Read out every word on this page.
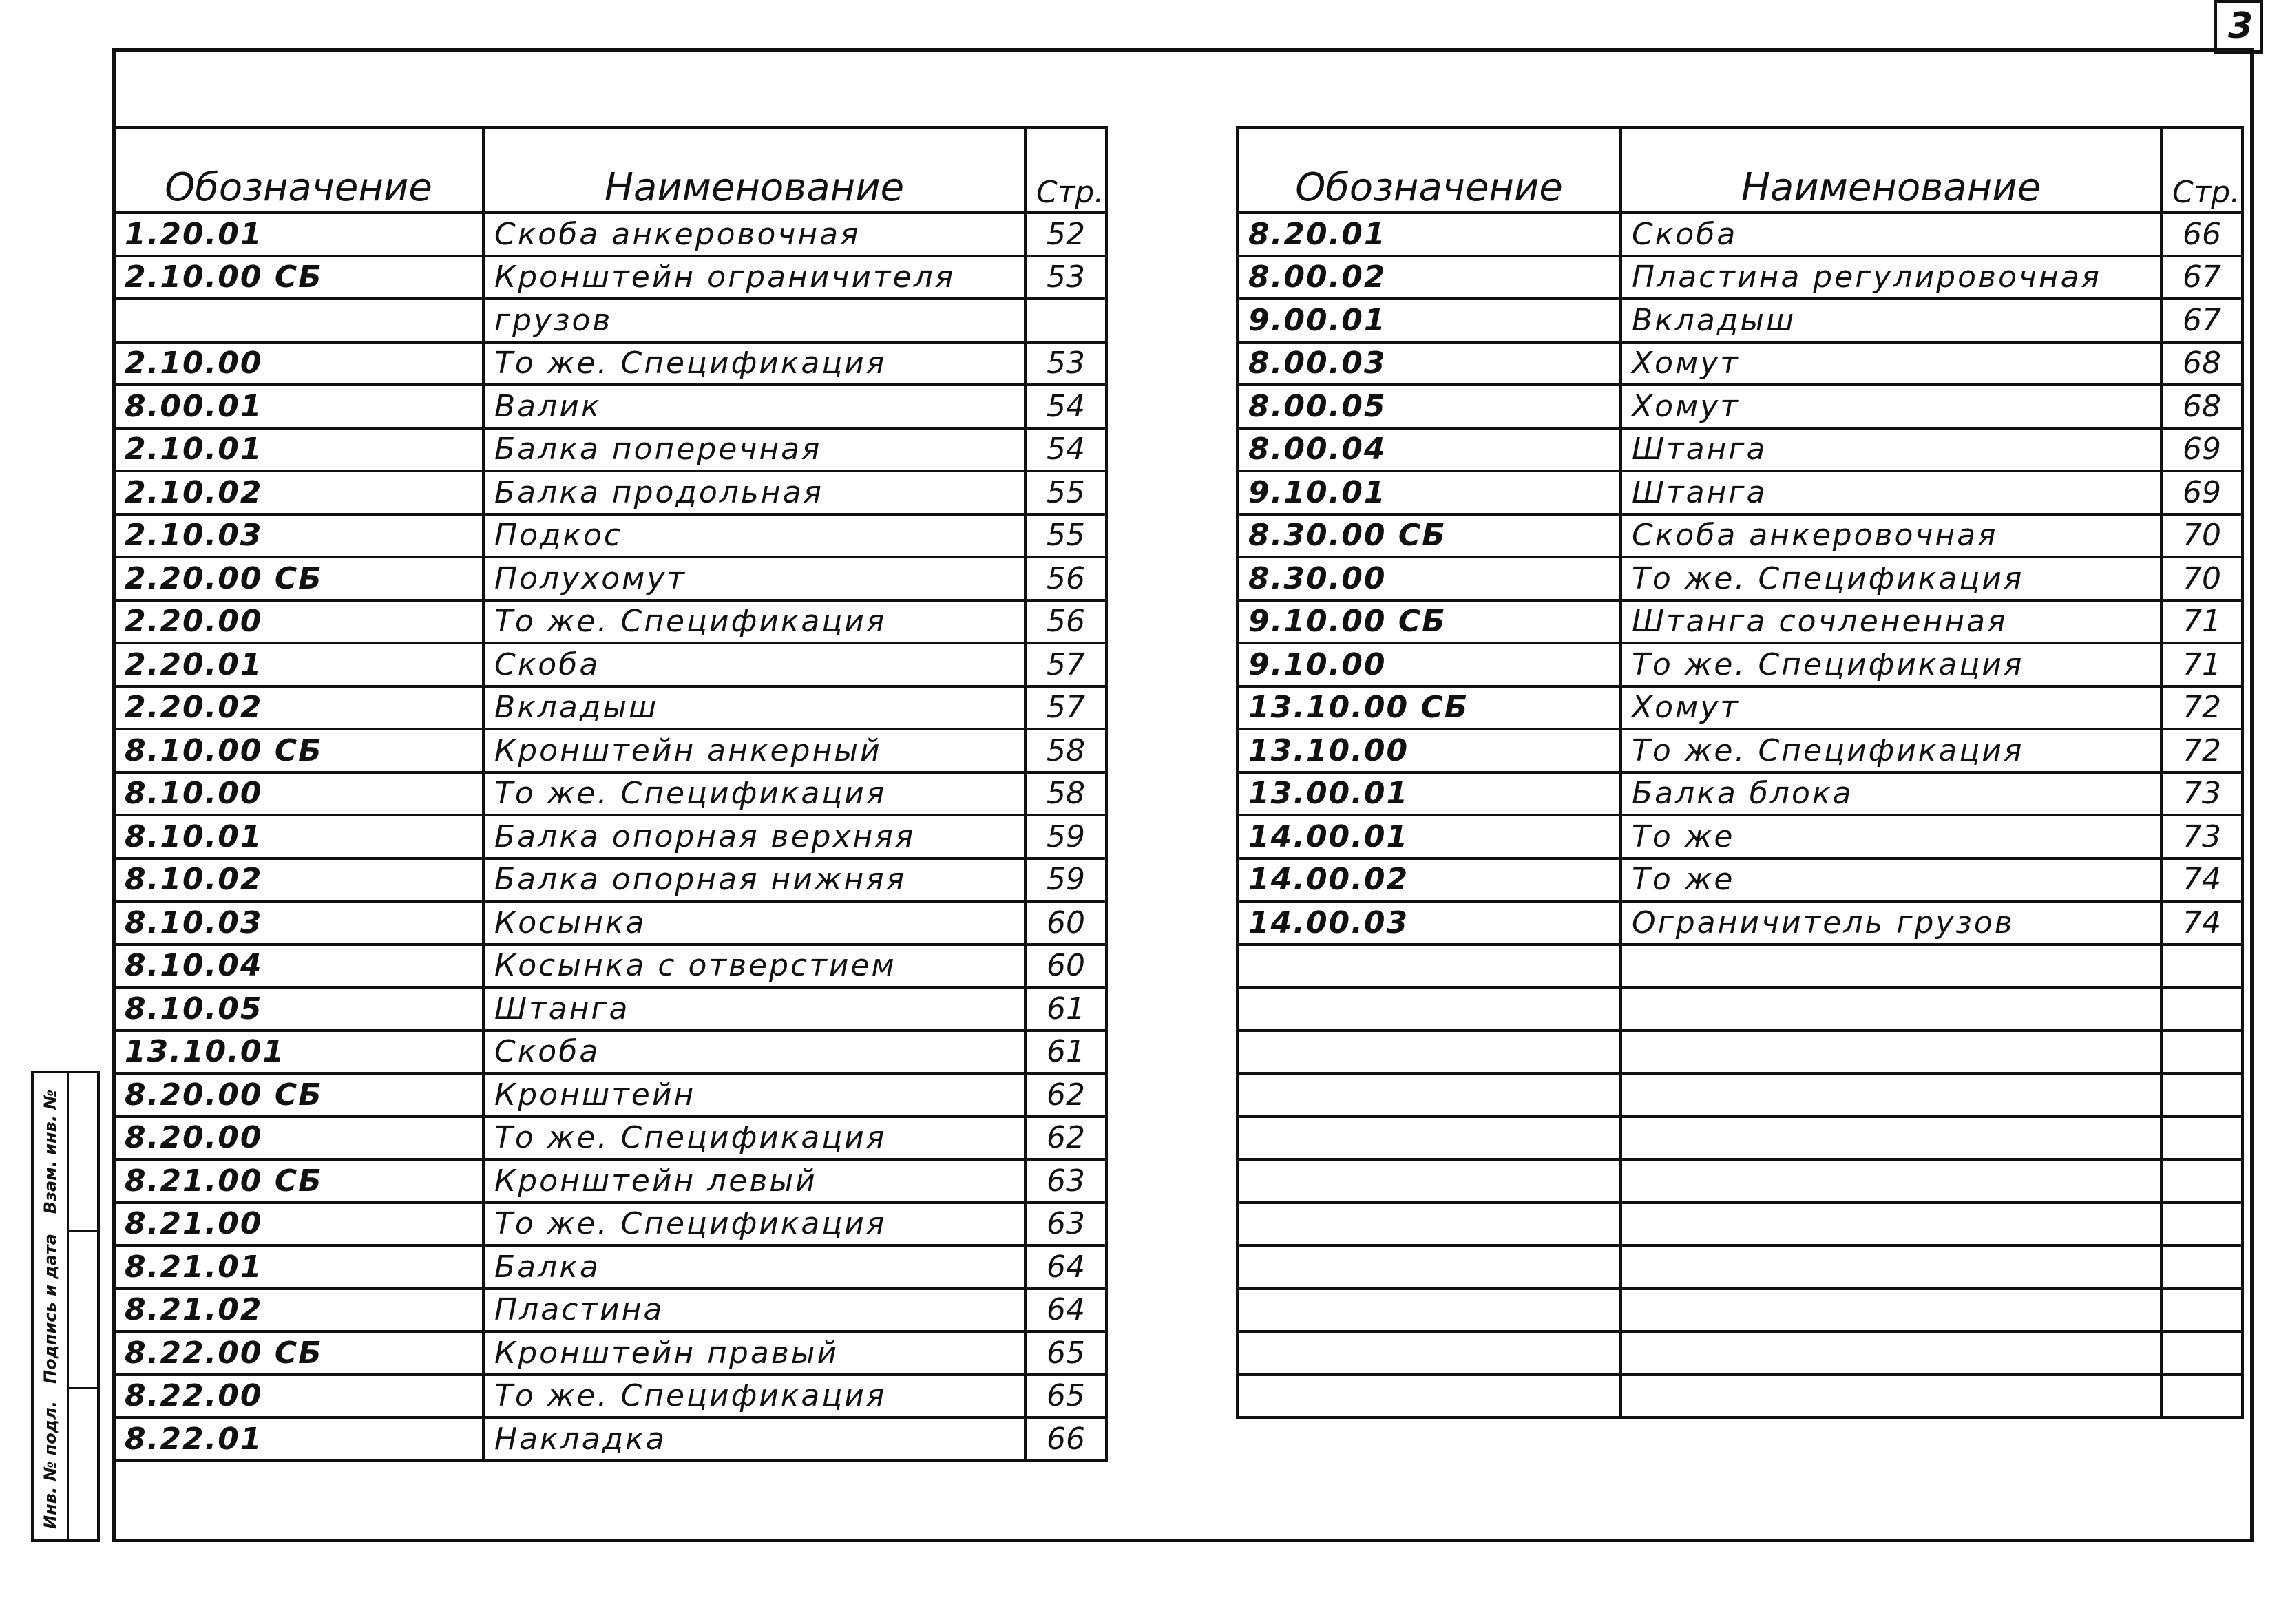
3
Инв. № подл.
Подпись и дата
Взам. инв. №
Обозначение	Наименование	Стр.
1.20.01	Скоба анкеровочная	52
2.10.00 СБ	Кронштейн ограничителя	53
	грузов	
2.10.00	То же. Спецификация	53
8.00.01	Валик	54
2.10.01	Балка поперечная	54
2.10.02	Балка продольная	55
2.10.03	Подкос	55
2.20.00 СБ	Полухомут	56
2.20.00	То же. Спецификация	56
2.20.01	Скоба	57
2.20.02	Вкладыш	57
8.10.00 СБ	Кронштейн анкерный	58
8.10.00	То же. Спецификация	58
8.10.01	Балка опорная верхняя	59
8.10.02	Балка опорная нижняя	59
8.10.03	Косынка	60
8.10.04	Косынка с отверстием	60
8.10.05	Штанга	61
13.10.01	Скоба	61
8.20.00 СБ	Кронштейн	62
8.20.00	То же. Спецификация	62
8.21.00 СБ	Кронштейн левый	63
8.21.00	То же. Спецификация	63
8.21.01	Балка	64
8.21.02	Пластина	64
8.22.00 СБ	Кронштейн правый	65
8.22.00	То же. Спецификация	65
8.22.01	Накладка	66
Обозначение	Наименование	Стр.
8.20.01	Скоба	66
8.00.02	Пластина регулировочная	67
9.00.01	Вкладыш	67
8.00.03	Хомут	68
8.00.05	Хомут	68
8.00.04	Штанга	69
9.10.01	Штанга	69
8.30.00 СБ	Скоба анкеровочная	70
8.30.00	То же. Спецификация	70
9.10.00 СБ	Штанга сочлененная	71
9.10.00	То же. Спецификация	71
13.10.00 СБ	Хомут	72
13.10.00	То же. Спецификация	72
13.00.01	Балка блока	73
14.00.01	То же	73
14.00.02	То же	74
14.00.03	Ограничитель грузов	74
